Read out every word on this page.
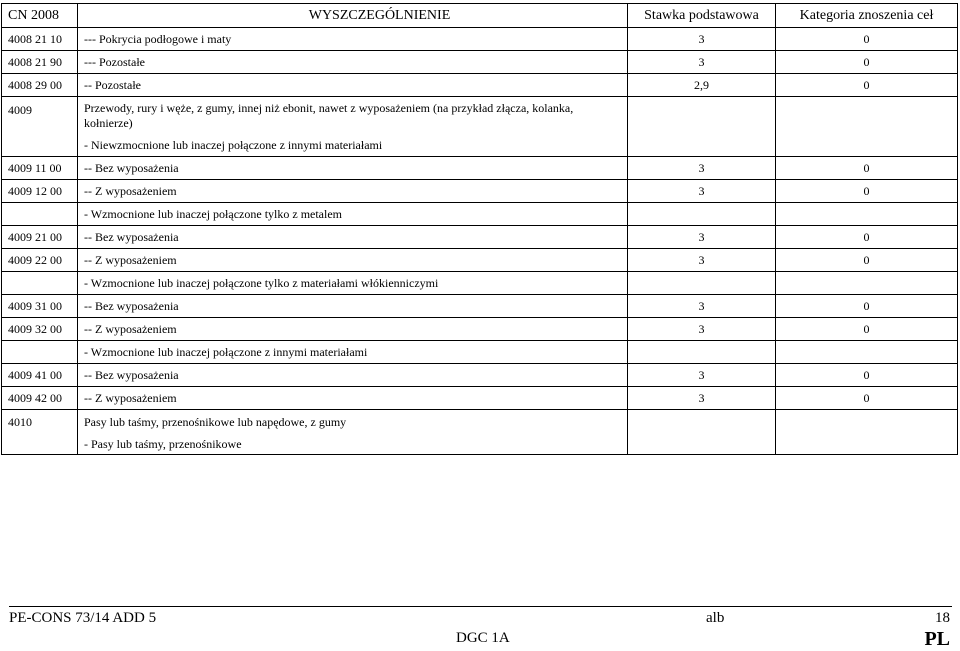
CN 2008	WYSZCZEGÓLNIENIE	Stawka podstawowa	Kategoria znoszenia ceł
4008 21 10	--- Pokrycia podłogowe i maty	3	0
4008 21 90	--- Pozostałe	3	0
4008 29 00	-- Pozostałe	2,9	0
4009	Przewody, rury i węże, z gumy, innej niż ebonit, nawet z wyposażeniem (na przykład złącza, kolanka,
kołnierze)
- Niewzmocnione lub inaczej połączone z innymi materiałami		

4009 11 00	-- Bez wyposażenia	3	0
4009 12 00	-- Z wyposażeniem	3	0
	- Wzmocnione lub inaczej połączone tylko z metalem		
4009 21 00	-- Bez wyposażenia	3	0
4009 22 00	-- Z wyposażeniem	3	0
	- Wzmocnione lub inaczej połączone tylko z materiałami włókienniczymi		
4009 31 00	-- Bez wyposażenia	3	0
4009 32 00	-- Z wyposażeniem	3	0
	- Wzmocnione lub inaczej połączone z innymi materiałami		
4009 41 00	-- Bez wyposażenia	3	0
4009 42 00	-- Z wyposażeniem	3	0
4010	Pasy lub taśmy, przenośnikowe lub napędowe, z gumy
- Pasy lub taśmy, przenośnikowe		

PE-CONS 73/14 ADD 5	alb	18
DGC 1A	PL
